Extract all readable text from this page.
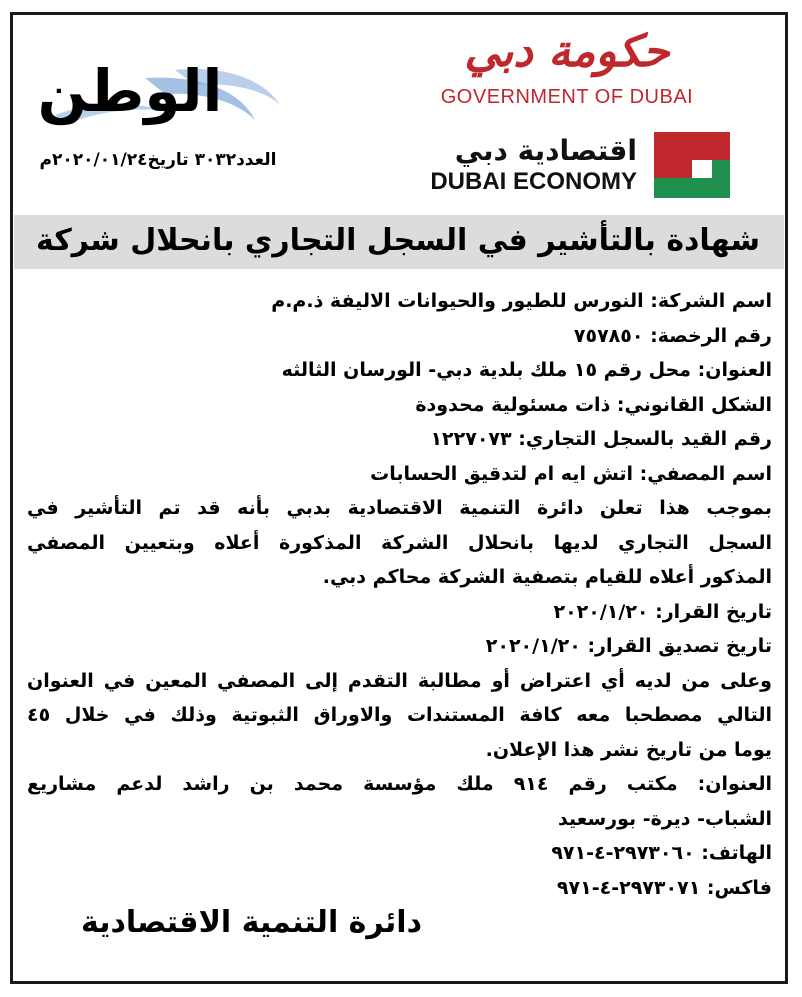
حكومة دبي
GOVERNMENT OF DUBAI
اقتصادية دبي
DUBAI ECONOMY
الوطن
العدد٣٠٣٢ تاريخ٢٠٢٠/٠١/٢٤م
شهادة بالتأشير في السجل التجاري بانحلال شركة
اسم الشركة: النورس للطيور والحيوانات الاليفة ذ.م.م
رقم الرخصة: ٧٥٧٨٥٠
العنوان: محل رقم ١٥ ملك بلدية دبي- الورسان الثالثه
الشكل القانوني: ذات مسئولية محدودة
رقم القيد بالسجل التجاري: ١٢٢٧٠٧٣
اسم المصفي: اتش ايه ام لتدقيق الحسابات
بموجب هذا تعلن دائرة التنمية الاقتصادية بدبي بأنه قد تم التأشير في
السجل التجاري لديها بانحلال الشركة المذكورة أعلاه وبتعيين المصفي
المذكور أعلاه للقيام بتصفية الشركة محاكم دبي.
تاريخ القرار: ٢٠٢٠/١/٢٠
تاريخ تصديق القرار: ٢٠٢٠/١/٢٠
وعلى من لديه أي اعتراض أو مطالبة التقدم إلى المصفي المعين في العنوان
التالي مصطحبا معه كافة المستندات والاوراق الثبوتية وذلك في خلال ٤٥
يوما من تاريخ نشر هذا الإعلان.
العنوان: مكتب رقم ٩١٤ ملك مؤسسة محمد بن راشد لدعم مشاريع
الشباب- ديرة- بورسعيد
الهاتف: ٢٩٧٣٠٦٠-٤-٩٧١
فاكس: ٢٩٧٣٠٧١-٤-٩٧١
دائرة التنمية الاقتصادية
